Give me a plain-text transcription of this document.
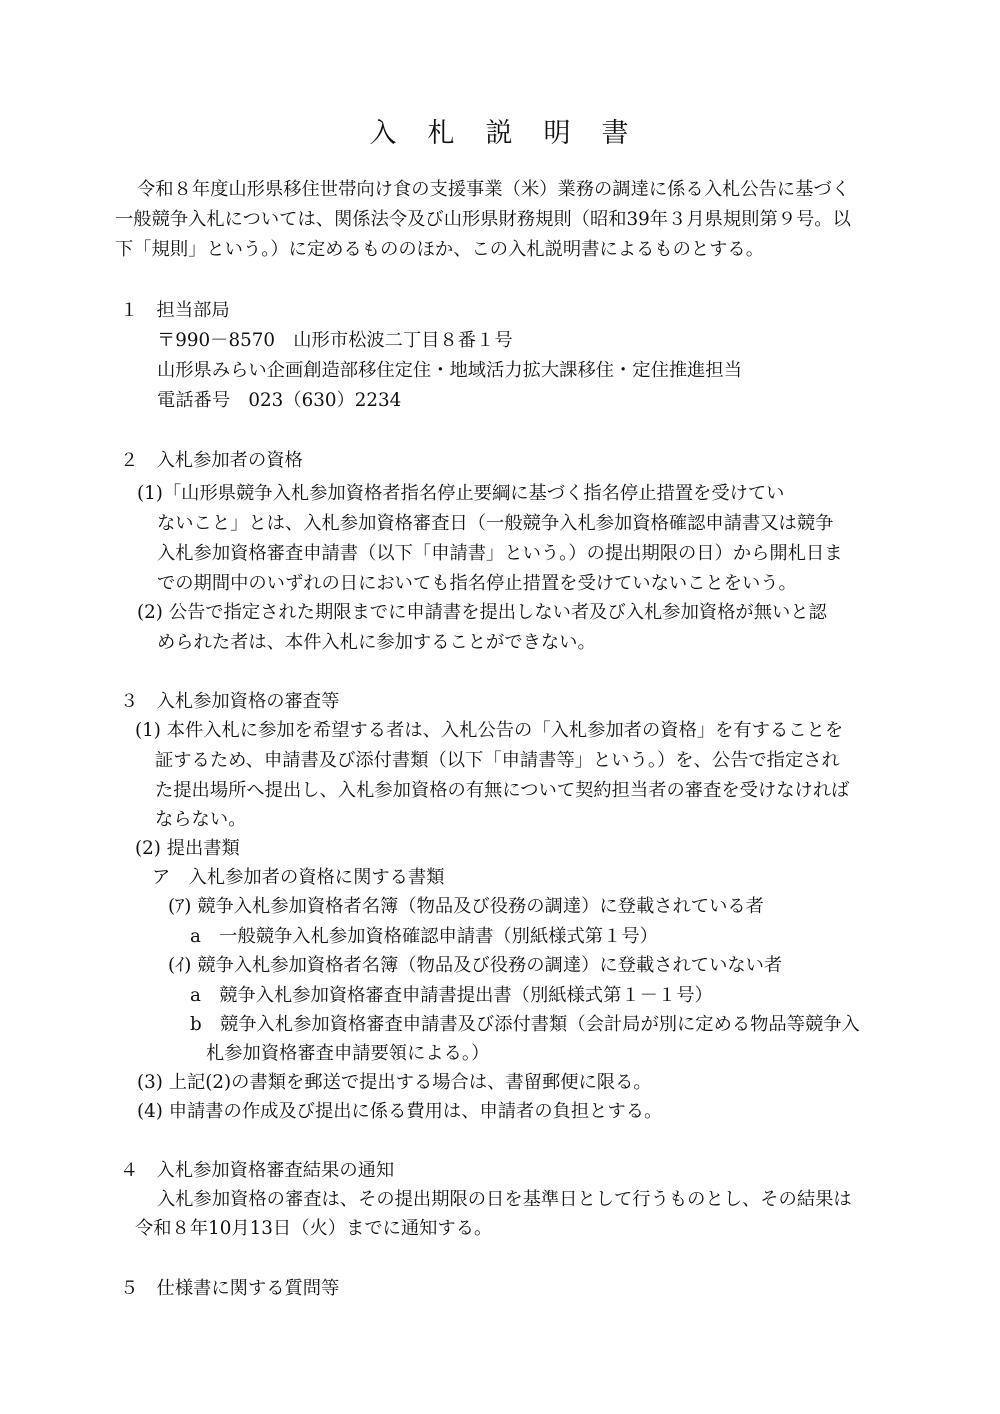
入　札　説　明　書
令和８年度山形県移住世帯向け食の支援事業（米）業務の調達に係る入札公告に基づく
一般競争入札については、関係法令及び山形県財務規則（昭和39年３月県規則第９号。以
下「規則」という。）に定めるもののほか、この入札説明書によるものとする。
１　担当部局
〒990－8570　山形市松波二丁目８番１号
山形県みらい企画創造部移住定住・地域活力拡大課移住・定住推進担当
電話番号　023（630）2234
２　入札参加者の資格
(1)「山形県競争入札参加資格者指名停止要綱に基づく指名停止措置を受けてい
ないこと」とは、入札参加資格審査日（一般競争入札参加資格確認申請書又は競争
入札参加資格審査申請書（以下「申請書」という。）の提出期限の日）から開札日ま
での期間中のいずれの日においても指名停止措置を受けていないことをいう。
(2) 公告で指定された期限までに申請書を提出しない者及び入札参加資格が無いと認
められた者は、本件入札に参加することができない。
３　入札参加資格の審査等
(1) 本件入札に参加を希望する者は、入札公告の「入札参加者の資格」を有することを
証するため、申請書及び添付書類（以下「申請書等」という。）を、公告で指定され
た提出場所へ提出し、入札参加資格の有無について契約担当者の審査を受けなければ
ならない。
(2) 提出書類
ア　入札参加者の資格に関する書類
(ｱ) 競争入札参加資格者名簿（物品及び役務の調達）に登載されている者
a　一般競争入札参加資格確認申請書（別紙様式第１号）
(ｲ) 競争入札参加資格者名簿（物品及び役務の調達）に登載されていない者
a　競争入札参加資格審査申請書提出書（別紙様式第１－１号）
b　競争入札参加資格審査申請書及び添付書類（会計局が別に定める物品等競争入
札参加資格審査申請要領による。）
(3) 上記(2)の書類を郵送で提出する場合は、書留郵便に限る。
(4) 申請書の作成及び提出に係る費用は、申請者の負担とする。
４　入札参加資格審査結果の通知
入札参加資格の審査は、その提出期限の日を基準日として行うものとし、その結果は
令和８年10月13日（火）までに通知する。
５　仕様書に関する質問等
